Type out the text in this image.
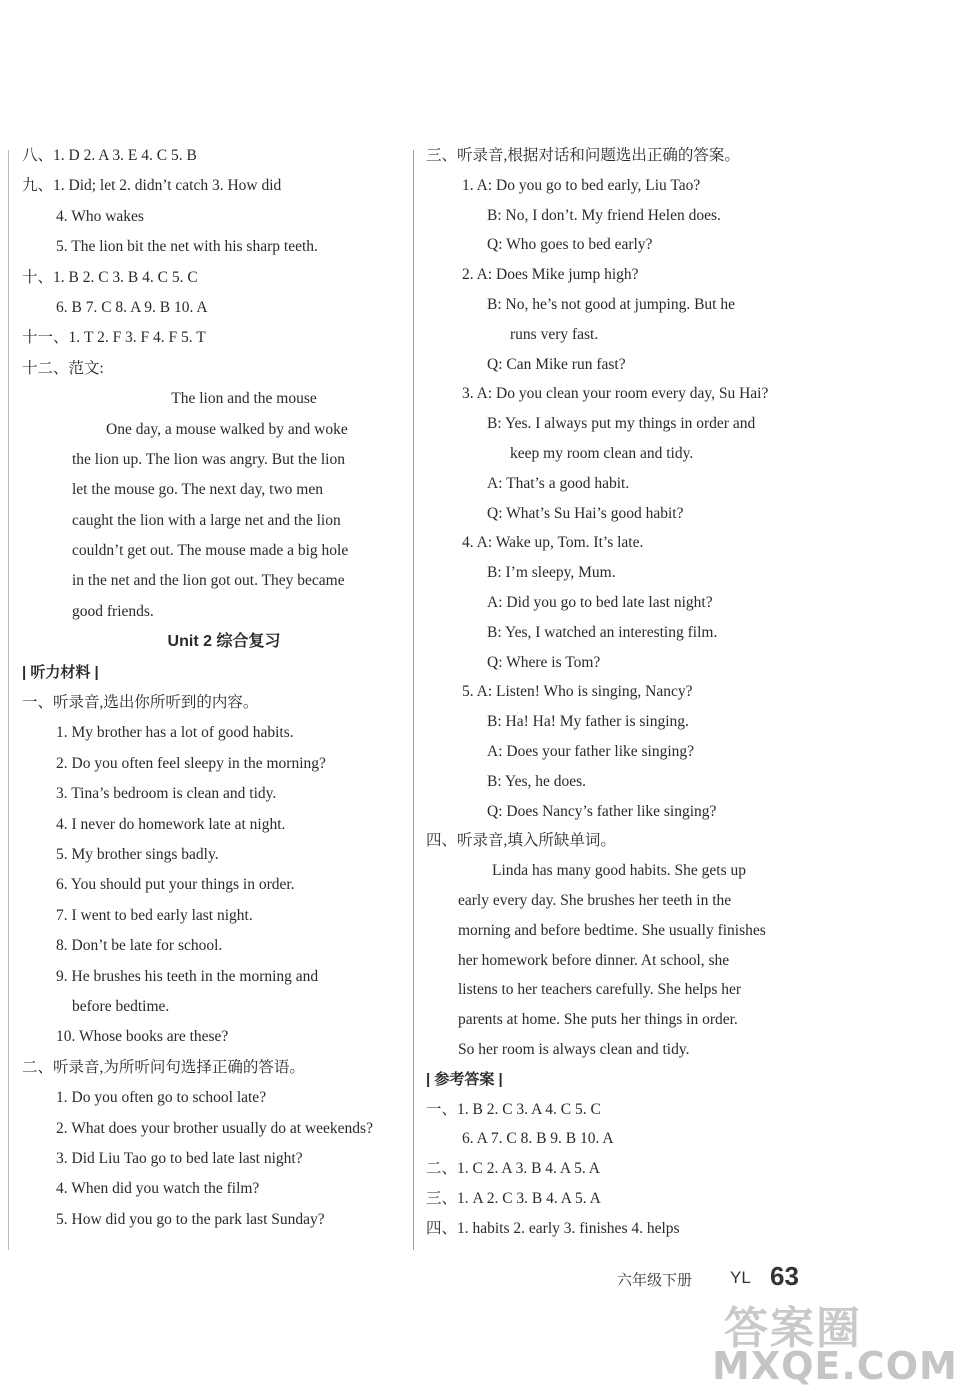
八、1. D 2. A 3. E 4. C 5. B
九、1. Did; let 2. didn’t catch 3. How did
4. Who wakes
5. The lion bit the net with his sharp teeth.
十、1. B 2. C 3. B 4. C 5. C
6. B 7. C 8. A 9. B 10. A
十一、1. T 2. F 3. F 4. F 5. T
十二、范文:
The lion and the mouse
One day, a mouse walked by and woke
the lion up. The lion was angry. But the lion
let the mouse go. The next day, two men
caught the lion with a large net and the lion
couldn’t get out. The mouse made a big hole
in the net and the lion got out. They became
good friends.
Unit 2 综合复习
| 听力材料 |
一、听录音,选出你所听到的内容。
1. My brother has a lot of good habits.
2. Do you often feel sleepy in the morning?
3. Tina’s bedroom is clean and tidy.
4. I never do homework late at night.
5. My brother sings badly.
6. You should put your things in order.
7. I went to bed early last night.
8. Don’t be late for school.
9. He brushes his teeth in the morning and
before bedtime.
10. Whose books are these?
二、听录音,为所听问句选择正确的答语。
1. Do you often go to school late?
2. What does your brother usually do at weekends?
3. Did Liu Tao go to bed late last night?
4. When did you watch the film?
5. How did you go to the park last Sunday?
三、听录音,根据对话和问题选出正确的答案。
1. A: Do you go to bed early, Liu Tao?
B: No, I don’t. My friend Helen does.
Q: Who goes to bed early?
2. A: Does Mike jump high?
B: No, he’s not good at jumping. But he
runs very fast.
Q: Can Mike run fast?
3. A: Do you clean your room every day, Su Hai?
B: Yes. I always put my things in order and
keep my room clean and tidy.
A: That’s a good habit.
Q: What’s Su Hai’s good habit?
4. A: Wake up, Tom. It’s late.
B: I’m sleepy, Mum.
A: Did you go to bed late last night?
B: Yes, I watched an interesting film.
Q: Where is Tom?
5. A: Listen! Who is singing, Nancy?
B: Ha! Ha! My father is singing.
A: Does your father like singing?
B: Yes, he does.
Q: Does Nancy’s father like singing?
四、听录音,填入所缺单词。
Linda has many good habits. She gets up
early every day. She brushes her teeth in the
morning and before bedtime. She usually finishes
her homework before dinner. At school, she
listens to her teachers carefully. She helps her
parents at home. She puts her things in order.
So her room is always clean and tidy.
| 参考答案 |
一、1. B 2. C 3. A 4. C 5. C
6. A 7. C 8. B 9. B 10. A
二、1. C 2. A 3. B 4. A 5. A
三、1. A 2. C 3. B 4. A 5. A
四、1. habits 2. early 3. finishes 4. helps
六年级下册 YL 63
答案圈
MXQE.COM
